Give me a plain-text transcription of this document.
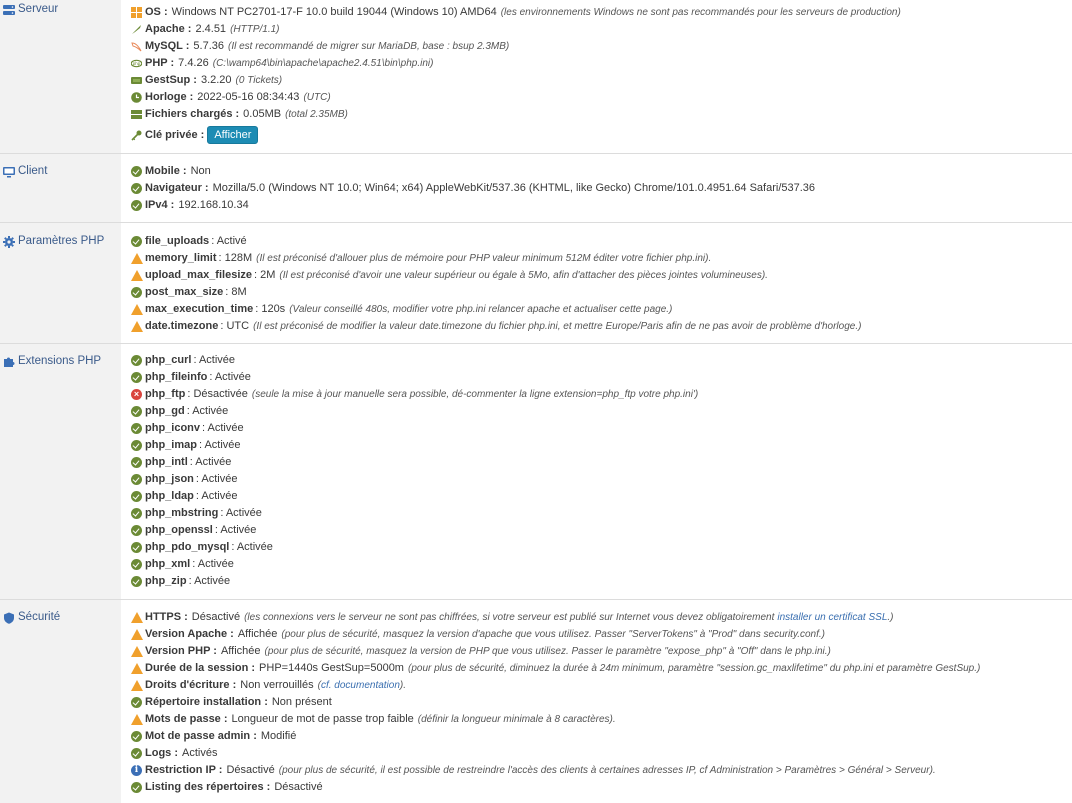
Serveur	OS : Windows NT PC2701-17-F 10.0 build 19044 (Windows 10) AMD64 (les environnements Windows ne sont pas recommandés pour les serveurs de production)
Apache : 2.4.51 (HTTP/1.1)
MySQL : 5.7.36 (Il est recommandé de migrer sur MariaDB, base : bsup 2.3MB)
php PHP : 7.4.26 (C:\wamp64\bin\apache\apache2.4.51\bin\php.ini)
GestSup : 3.2.20 (0 Tickets)
Horloge : 2022-05-16 08:34:43 (UTC)
Fichiers chargés : 0.05MB (total 2.35MB)
Clé privée : Afficher
Client	Mobile : Non
Navigateur : Mozilla/5.0 (Windows NT 10.0; Win64; x64) AppleWebKit/537.36 (KHTML, like Gecko) Chrome/101.0.4951.64 Safari/537.36
IPv4 : 192.168.10.34
Paramètres PHP	file_uploads : Activé
memory_limit : 128M (Il est préconisé d'allouer plus de mémoire pour PHP valeur minimum 512M éditer votre fichier php.ini).
upload_max_filesize : 2M (Il est préconisé d'avoir une valeur supérieur ou égale à 5Mo, afin d'attacher des pièces jointes volumineuses).
post_max_size : 8M
max_execution_time : 120s (Valeur conseillé 480s, modifier votre php.ini relancer apache et actualiser cette page.)
date.timezone : UTC (Il est préconisé de modifier la valeur date.timezone du fichier php.ini, et mettre Europe/Paris afin de ne pas avoir de problème d'horloge.)
Extensions PHP	php_curl : Activée
php_fileinfo : Activée
× php_ftp : Désactivée (seule la mise à jour manuelle sera possible, dé-commenter la ligne extension=php_ftp votre php.ini')
php_gd : Activée
php_iconv : Activée
php_imap : Activée
php_intl : Activée
php_json : Activée
php_ldap : Activée
php_mbstring : Activée
php_openssl : Activée
php_pdo_mysql : Activée
php_xml : Activée
php_zip : Activée
Sécurité	HTTPS : Désactivé (les connexions vers le serveur ne sont pas chiffrées, si votre serveur est publié sur Internet vous devez obligatoirement installer un certificat SSL .)
Version Apache : Affichée (pour plus de sécurité, masquez la version d'apache que vous utilisez. Passer "ServerTokens" à "Prod" dans security.conf.)
Version PHP : Affichée (pour plus de sécurité, masquez la version de PHP que vous utilisez. Passer le paramètre "expose_php" à "Off" dans le php.ini.)
Durée de la session : PHP=1440s GestSup=5000m (pour plus de sécurité, diminuez la durée à 24m minimum, paramètre "session.gc_maxlifetime" du php.ini et paramètre GestSup.)
Droits d'écriture : Non verrouillés ( cf. documentation ).
Répertoire installation : Non présent
Mots de passe : Longueur de mot de passe trop faible (définir la longueur minimale à 8 caractères).
Mot de passe admin : Modifié
Logs : Activés
i Restriction IP : Désactivé (pour plus de sécurité, il est possible de restreindre l'accès des clients à certaines adresses IP, cf Administration > Paramètres > Général > Serveur).
Listing des répertoires : Désactivé
